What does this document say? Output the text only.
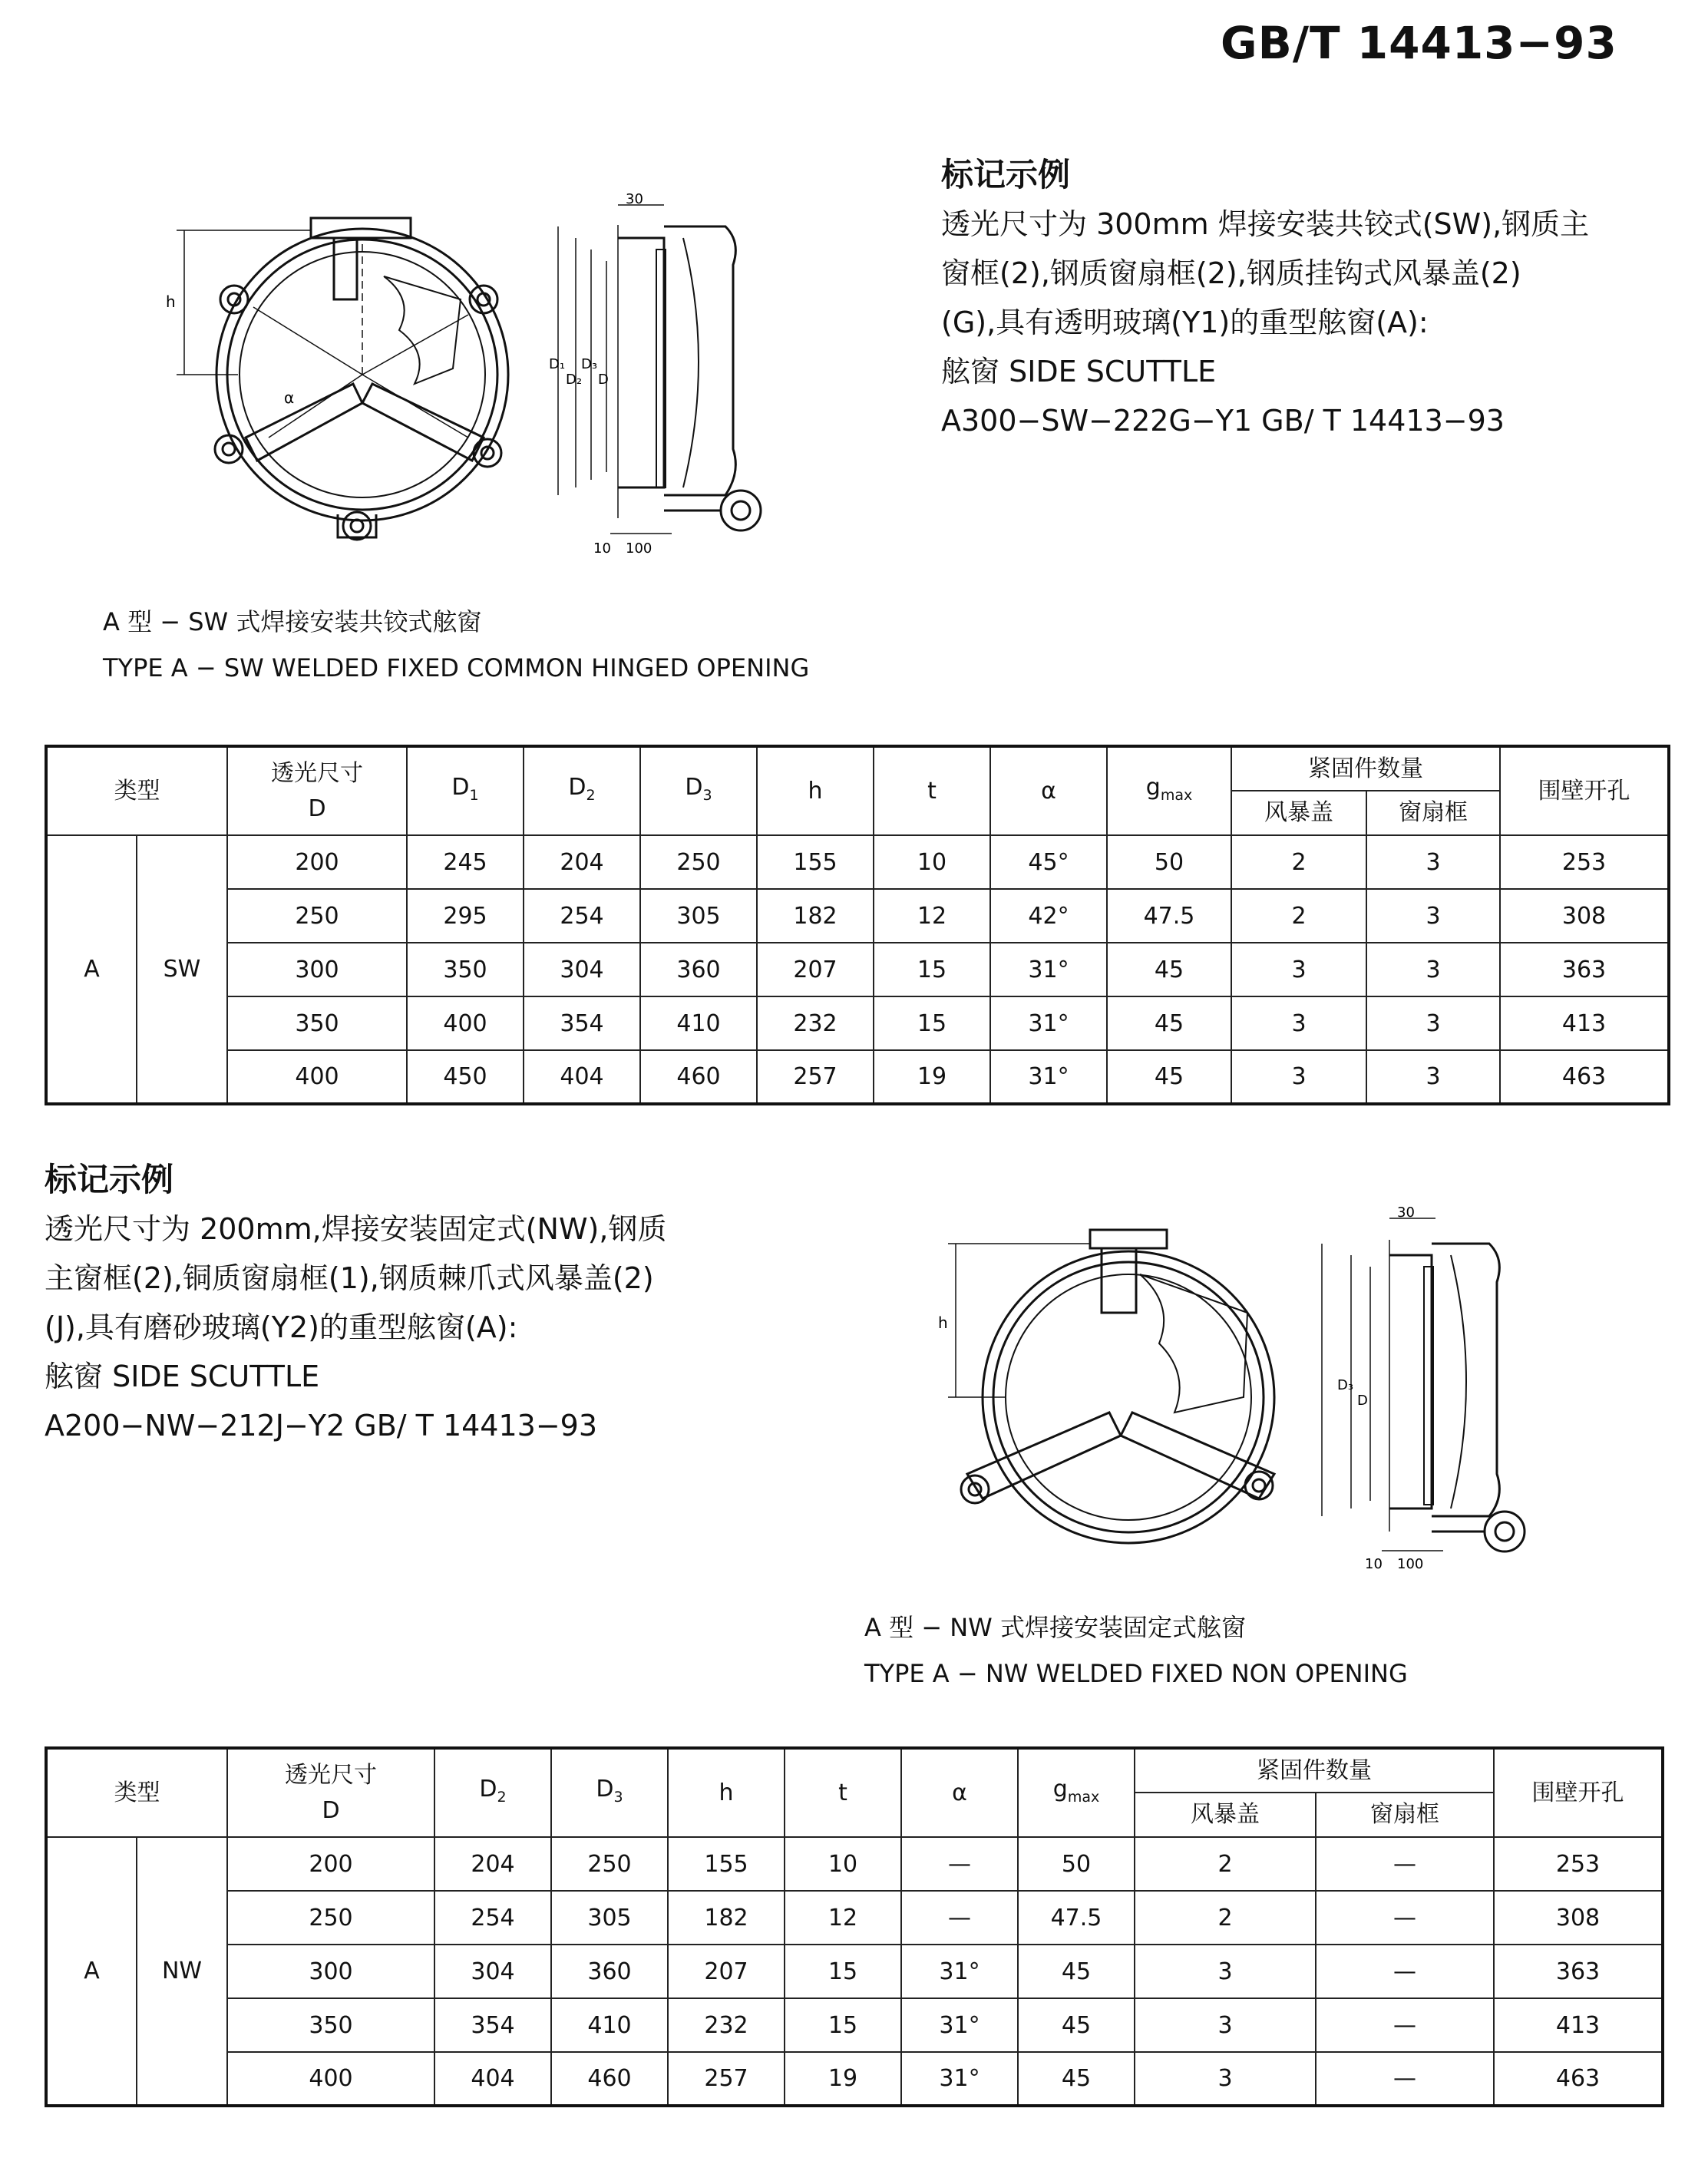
GB/T 14413−93
标记示例
透光尺寸为 300mm 焊接安装共铰式(SW),钢质主
窗框(2),钢质窗扇框(2),钢质挂钩式风暴盖(2)
(G),具有透明玻璃(Y1)的重型舷窗(A):
舷窗 SIDE SCUTTLE
A300−SW−222G−Y1 GB/ T 14413−93
h
α
30
D₁
D₂
D₃
D
10 100
A 型 − SW 式焊接安装共铰式舷窗
TYPE A − SW WELDED FIXED COMMON HINGED OPENING
类型		透光尺寸
D	$D_1$	$D_2$	$D_3$	h	t	α	$g_{max}$	紧固件数量		围壁开孔
										风暴盖	窗扇框	
A	SW	200	245	204	250	155	10	45°	50	2	3	253
		250	295	254	305	182	12	42°	47.5	2	3	308
		300	350	304	360	207	15	31°	45	3	3	363
		350	400	354	410	232	15	31°	45	3	3	413
		400	450	404	460	257	19	31°	45	3	3	463
标记示例
透光尺寸为 200mm,焊接安装固定式(NW),钢质
主窗框(2),铜质窗扇框(1),钢质棘爪式风暴盖(2)
(J),具有磨砂玻璃(Y2)的重型舷窗(A):
舷窗 SIDE SCUTTLE
A200−NW−212J−Y2 GB/ T 14413−93
h
30
D₃
D
10 100
A 型 − NW 式焊接安装固定式舷窗
TYPE A − NW WELDED FIXED NON OPENING
类型		透光尺寸
D	$D_2$	$D_3$	h	t	α	$g_{max}$	紧固件数量		围壁开孔
									风暴盖	窗扇框	
A	NW	200	204	250	155	10	—	50	2	—	253
		250	254	305	182	12	—	47.5	2	—	308
		300	304	360	207	15	31°	45	3	—	363
		350	354	410	232	15	31°	45	3	—	413
		400	404	460	257	19	31°	45	3	—	463
